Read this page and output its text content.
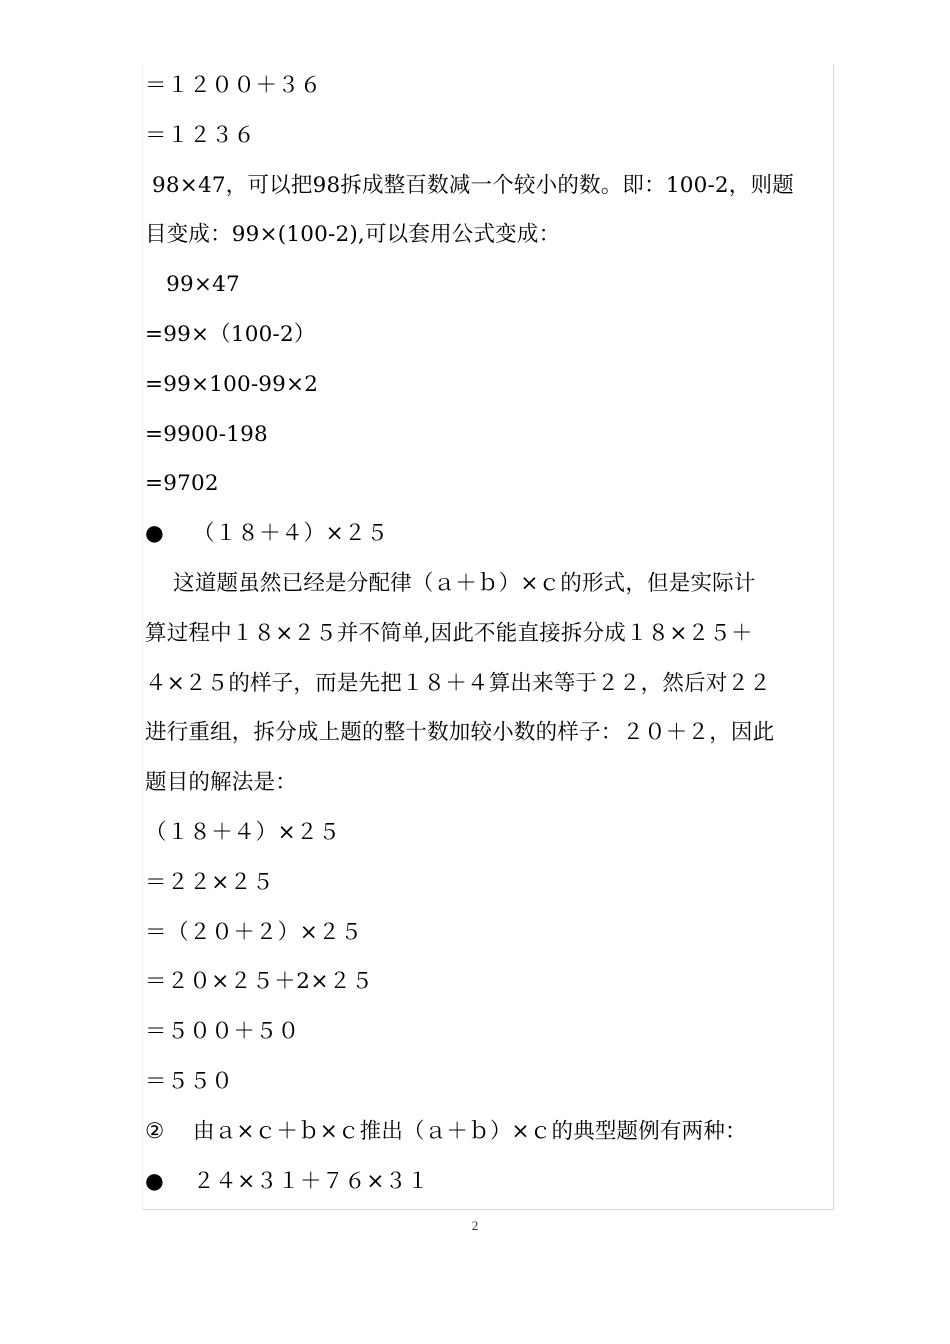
＝１２００＋３６
＝１２３６
98×47，可以把98拆成整百数减一个较小的数。即：100-2，则题
目变成：99×(100-2),可以套用公式变成：
99×47
=99×（100-2）
=99×100-99×2
=9900-198
=9702
●	（１８＋４）×２５
这道题虽然已经是分配律（ａ＋ｂ）×ｃ的形式，但是实际计
算过程中１８×２５并不简单,因此不能直接拆分成１８×２５＋
４×２５的样子，而是先把１８＋４算出来等于２２，然后对２２
进行重组，拆分成上题的整十数加较小数的样子：２０＋２，因此
题目的解法是：
（１８＋４）×２５
＝２２×２５
＝（２０＋２）×２５
＝２０×２５＋2×２５
＝５００＋５０
＝５５０
②	由ａ×ｃ＋ｂ×ｃ推出（ａ＋ｂ）×ｃ的典型题例有两种：
●	２４×３１＋７６×３１
2
